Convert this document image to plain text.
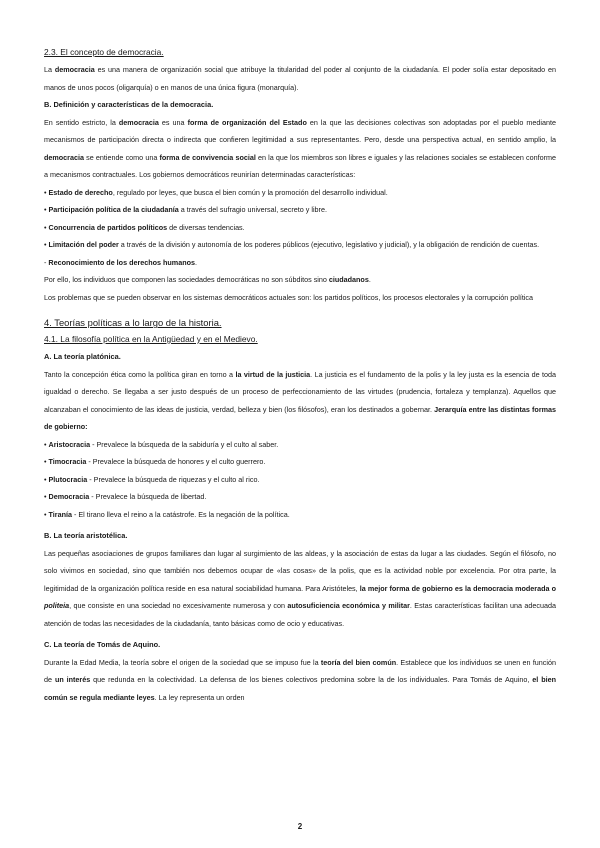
2.3. El concepto de democracia.

La democracia es una manera de organización social que atribuye la titularidad del poder al conjunto de la ciudadanía. El poder solía estar depositado en manos de unos pocos (oligarquía) o en manos de una única figura (monarquía).

B. Definición y características de la democracia.

En sentido estricto, la democracia es una forma de organización del Estado en la que las decisiones colectivas son adoptadas por el pueblo mediante mecanismos de participación directa o indirecta que confieren legitimidad a sus representantes. Pero, desde una perspectiva actual, en sentido amplio, la democracia se entiende como una forma de convivencia social en la que los miembros son libres e iguales y las relaciones sociales se establecen conforme a mecanismos contractuales. Los gobiernos democráticos reunirían determinadas características:

• Estado de derecho, regulado por leyes, que busca el bien común y la promoción del desarrollo individual.

• Participación política de la ciudadanía a través del sufragio universal, secreto y libre.

• Concurrencia de partidos políticos de diversas tendencias.

• Limitación del poder a través de la división y autonomía de los poderes públicos (ejecutivo, legislativo y judicial), y la obligación de rendición de cuentas.

- Reconocimiento de los derechos humanos.

Por ello, los individuos que componen las sociedades democráticas no son súbditos sino ciudadanos.

Los problemas que se pueden observar en los sistemas democráticos actuales son: los partidos políticos, los procesos electorales y la corrupción política

4. Teorías políticas a lo largo de la historia.
4.1. La filosofía política en la Antigüedad y en el Medievo.
A. La teoría platónica.

Tanto la concepción ética como la política giran en torno a la virtud de la justicia. La justicia es el fundamento de la polis y la ley justa es la esencia de toda igualdad o derecho. Se llegaba a ser justo después de un proceso de perfeccionamiento de las virtudes (prudencia, fortaleza y templanza). Aquellos que alcanzaban el conocimiento de las ideas de justicia, verdad, belleza y bien (los filósofos), eran los destinados a gobernar. Jerarquía entre las distintas formas de gobierno:

• Aristocracia - Prevalece la búsqueda de la sabiduría y el culto al saber.

• Timocracia - Prevalece la búsqueda de honores y el culto guerrero.

• Plutocracia - Prevalece la búsqueda de riquezas y el culto al rico.

• Democracia - Prevalece la búsqueda de libertad.

• Tiranía - El tirano lleva el reino a la catástrofe. Es la negación de la política.

B. La teoría aristotélica.

Las pequeñas asociaciones de grupos familiares dan lugar al surgimiento de las aldeas, y la asociación de estas da lugar a las ciudades. Según el filósofo, no solo vivimos en sociedad, sino que también nos debemos ocupar de «las cosas» de la polis, que es la actividad noble por excelencia. Por otra parte, la legitimidad de la organización política reside en esa natural sociabilidad humana. Para Aristóteles, la mejor forma de gobierno es la democracia moderada o politeia, que consiste en una sociedad no excesivamente numerosa y con autosuficiencia económica y militar. Estas características facilitan una adecuada atención de todas las necesidades de la ciudadanía, tanto básicas como de ocio y educativas.

C. La teoría de Tomás de Aquino.

Durante la Edad Media, la teoría sobre el origen de la sociedad que se impuso fue la teoría del bien común. Establece que los individuos se unen en función de un interés que redunda en la colectividad. La defensa de los bienes colectivos predomina sobre la de los individuales. Para Tomás de Aquino, el bien común se regula mediante leyes. La ley representa un orden

2
